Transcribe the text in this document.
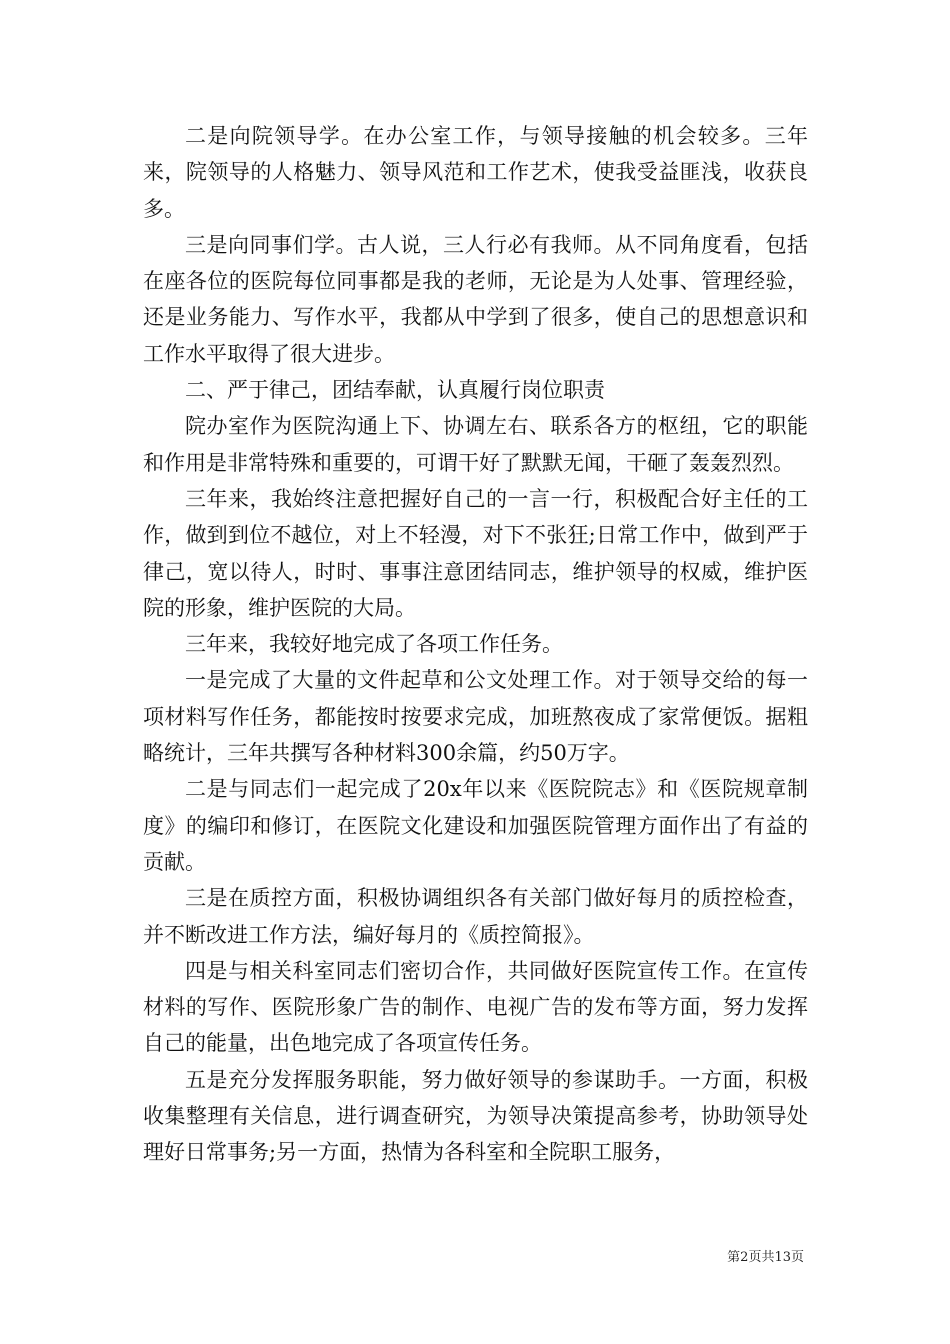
二是向院领导学。在办公室工作，与领导接触的机会较多。三年来，院领导的人格魅力、领导风范和工作艺术，使我受益匪浅，收获良多。

三是向同事们学。古人说，三人行必有我师。从不同角度看，包括在座各位的医院每位同事都是我的老师，无论是为人处事、管理经验，还是业务能力、写作水平，我都从中学到了很多，使自己的思想意识和工作水平取得了很大进步。

二、严于律己，团结奉献，认真履行岗位职责

院办室作为医院沟通上下、协调左右、联系各方的枢纽，它的职能和作用是非常特殊和重要的，可谓干好了默默无闻，干砸了轰轰烈烈。

三年来，我始终注意把握好自己的一言一行，积极配合好主任的工作，做到到位不越位，对上不轻漫，对下不张狂;日常工作中，做到严于律己，宽以待人，时时、事事注意团结同志，维护领导的权威，维护医院的形象，维护医院的大局。

三年来，我较好地完成了各项工作任务。

一是完成了大量的文件起草和公文处理工作。对于领导交给的每一项材料写作任务，都能按时按要求完成，加班熬夜成了家常便饭。据粗略统计，三年共撰写各种材料300余篇，约50万字。

二是与同志们一起完成了20x年以来《医院院志》和《医院规章制度》的编印和修订，在医院文化建设和加强医院管理方面作出了有益的贡献。

三是在质控方面，积极协调组织各有关部门做好每月的质控检查，并不断改进工作方法，编好每月的《质控简报》。

四是与相关科室同志们密切合作，共同做好医院宣传工作。在宣传材料的写作、医院形象广告的制作、电视广告的发布等方面，努力发挥自己的能量，出色地完成了各项宣传任务。

五是充分发挥服务职能，努力做好领导的参谋助手。一方面，积极收集整理有关信息，进行调查研究，为领导决策提高参考，协助领导处理好日常事务;另一方面，热情为各科室和全院职工服务，

第2页共13页
